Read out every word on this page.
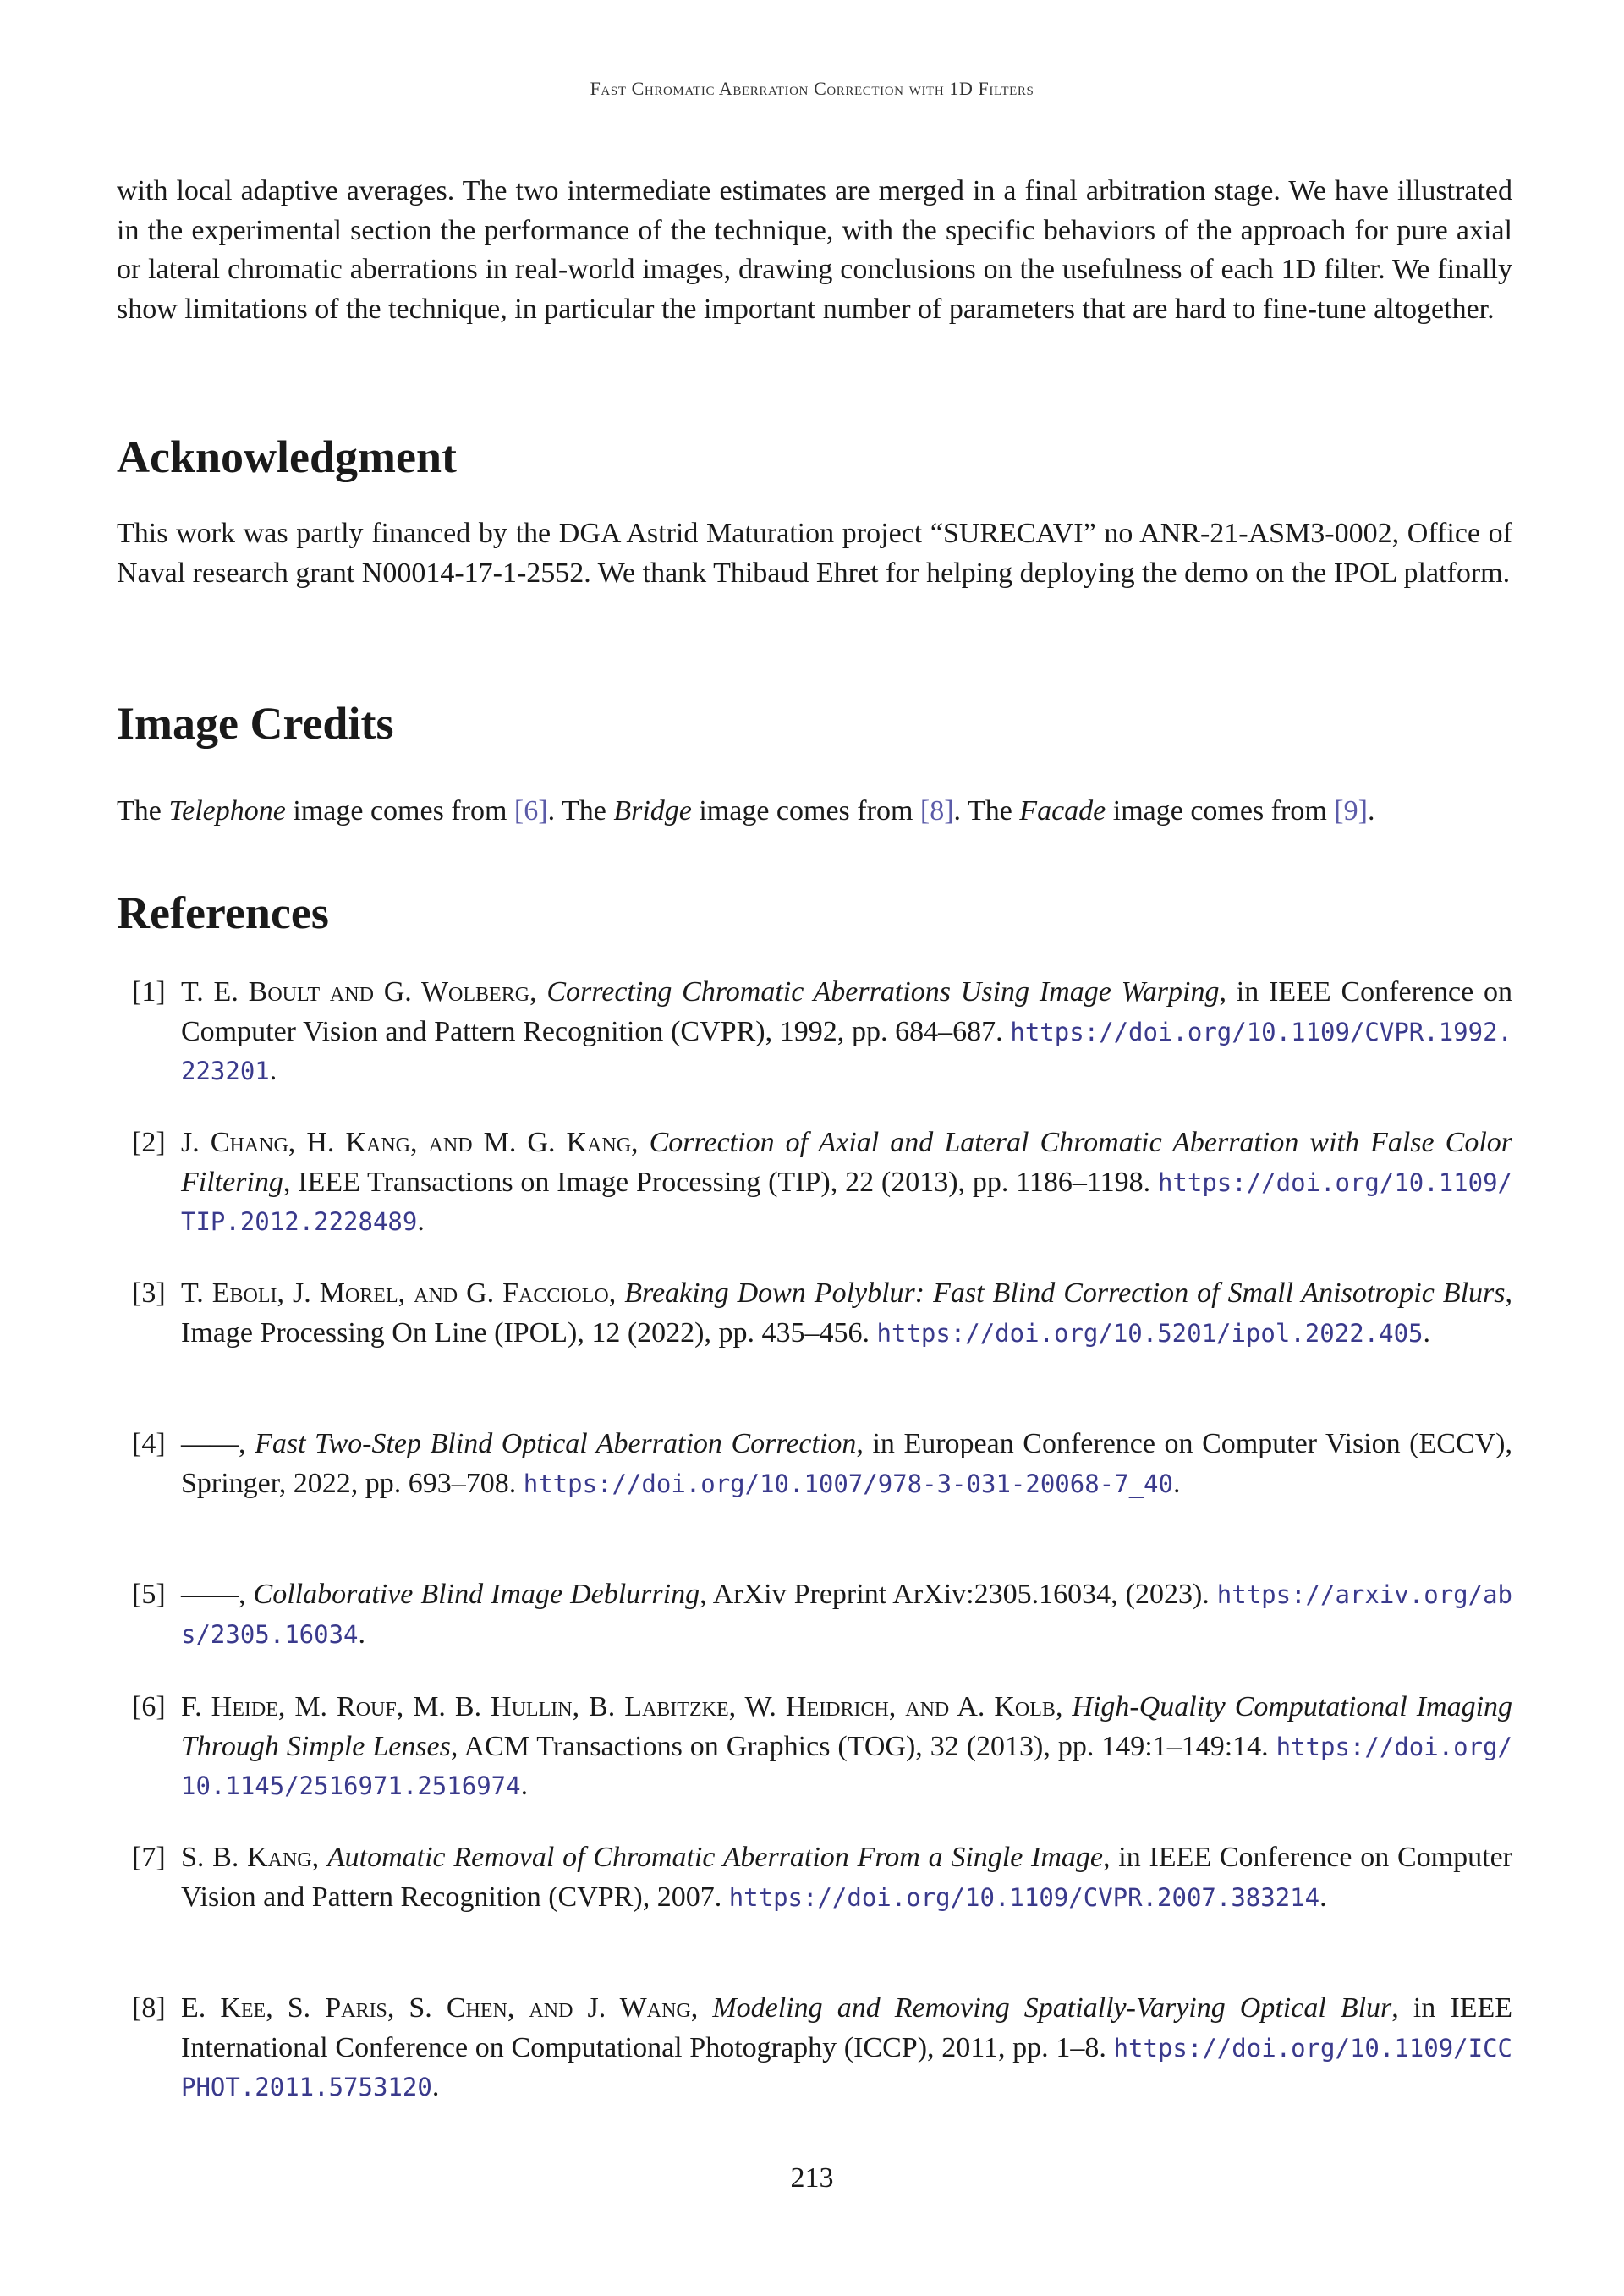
Fast Chromatic Aberration Correction with 1D Filters

with local adaptive averages. The two intermediate estimates are merged in a final arbitration stage. We have illustrated in the experimental section the performance of the technique, with the specific behaviors of the approach for pure axial or lateral chromatic aberrations in real-world images, drawing conclusions on the usefulness of each 1D filter. We finally show limitations of the technique, in particular the important number of parameters that are hard to fine-tune altogether.

Acknowledgment

This work was partly financed by the DGA Astrid Maturation project “SURECAVI” no ANR-21-ASM3-0002, Office of Naval research grant N00014-17-1-2552. We thank Thibaud Ehret for helping deploying the demo on the IPOL platform.

Image Credits

The Telephone image comes from [6]. The Bridge image comes from [8]. The Facade image comes from [9].

References
[1] T. E. Boult and G. Wolberg, Correcting Chromatic Aberrations Using Image Warping, in IEEE Conference on Computer Vision and Pattern Recognition (CVPR), 1992, pp. 684–687. https://doi.org/10.1109/CVPR.1992.223201.
[2] J. Chang, H. Kang, and M. G. Kang, Correction of Axial and Lateral Chromatic Aberration with False Color Filtering, IEEE Transactions on Image Processing (TIP), 22 (2013), pp. 1186–1198. https://doi.org/10.1109/TIP.2012.2228489.
[3] T. Eboli, J. Morel, and G. Facciolo, Breaking Down Polyblur: Fast Blind Correction of Small Anisotropic Blurs, Image Processing On Line (IPOL), 12 (2022), pp. 435–456. https://doi.org/10.5201/ipol.2022.405.
[4] ——, Fast Two-Step Blind Optical Aberration Correction, in European Conference on Computer Vision (ECCV), Springer, 2022, pp. 693–708. https://doi.org/10.1007/978-3-031-20068-7_40.
[5] ——, Collaborative Blind Image Deblurring, ArXiv Preprint ArXiv:2305.16034, (2023). https://arxiv.org/abs/2305.16034.
[6] F. Heide, M. Rouf, M. B. Hullin, B. Labitzke, W. Heidrich, and A. Kolb, High-Quality Computational Imaging Through Simple Lenses, ACM Transactions on Graphics (TOG), 32 (2013), pp. 149:1–149:14. https://doi.org/10.1145/2516971.2516974.
[7] S. B. Kang, Automatic Removal of Chromatic Aberration From a Single Image, in IEEE Conference on Computer Vision and Pattern Recognition (CVPR), 2007. https://doi.org/10.1109/CVPR.2007.383214.
[8] E. Kee, S. Paris, S. Chen, and J. Wang, Modeling and Removing Spatially-Varying Optical Blur, in IEEE International Conference on Computational Photography (ICCP), 2011, pp. 1–8. https://doi.org/10.1109/ICCPHOT.2011.5753120.
213
